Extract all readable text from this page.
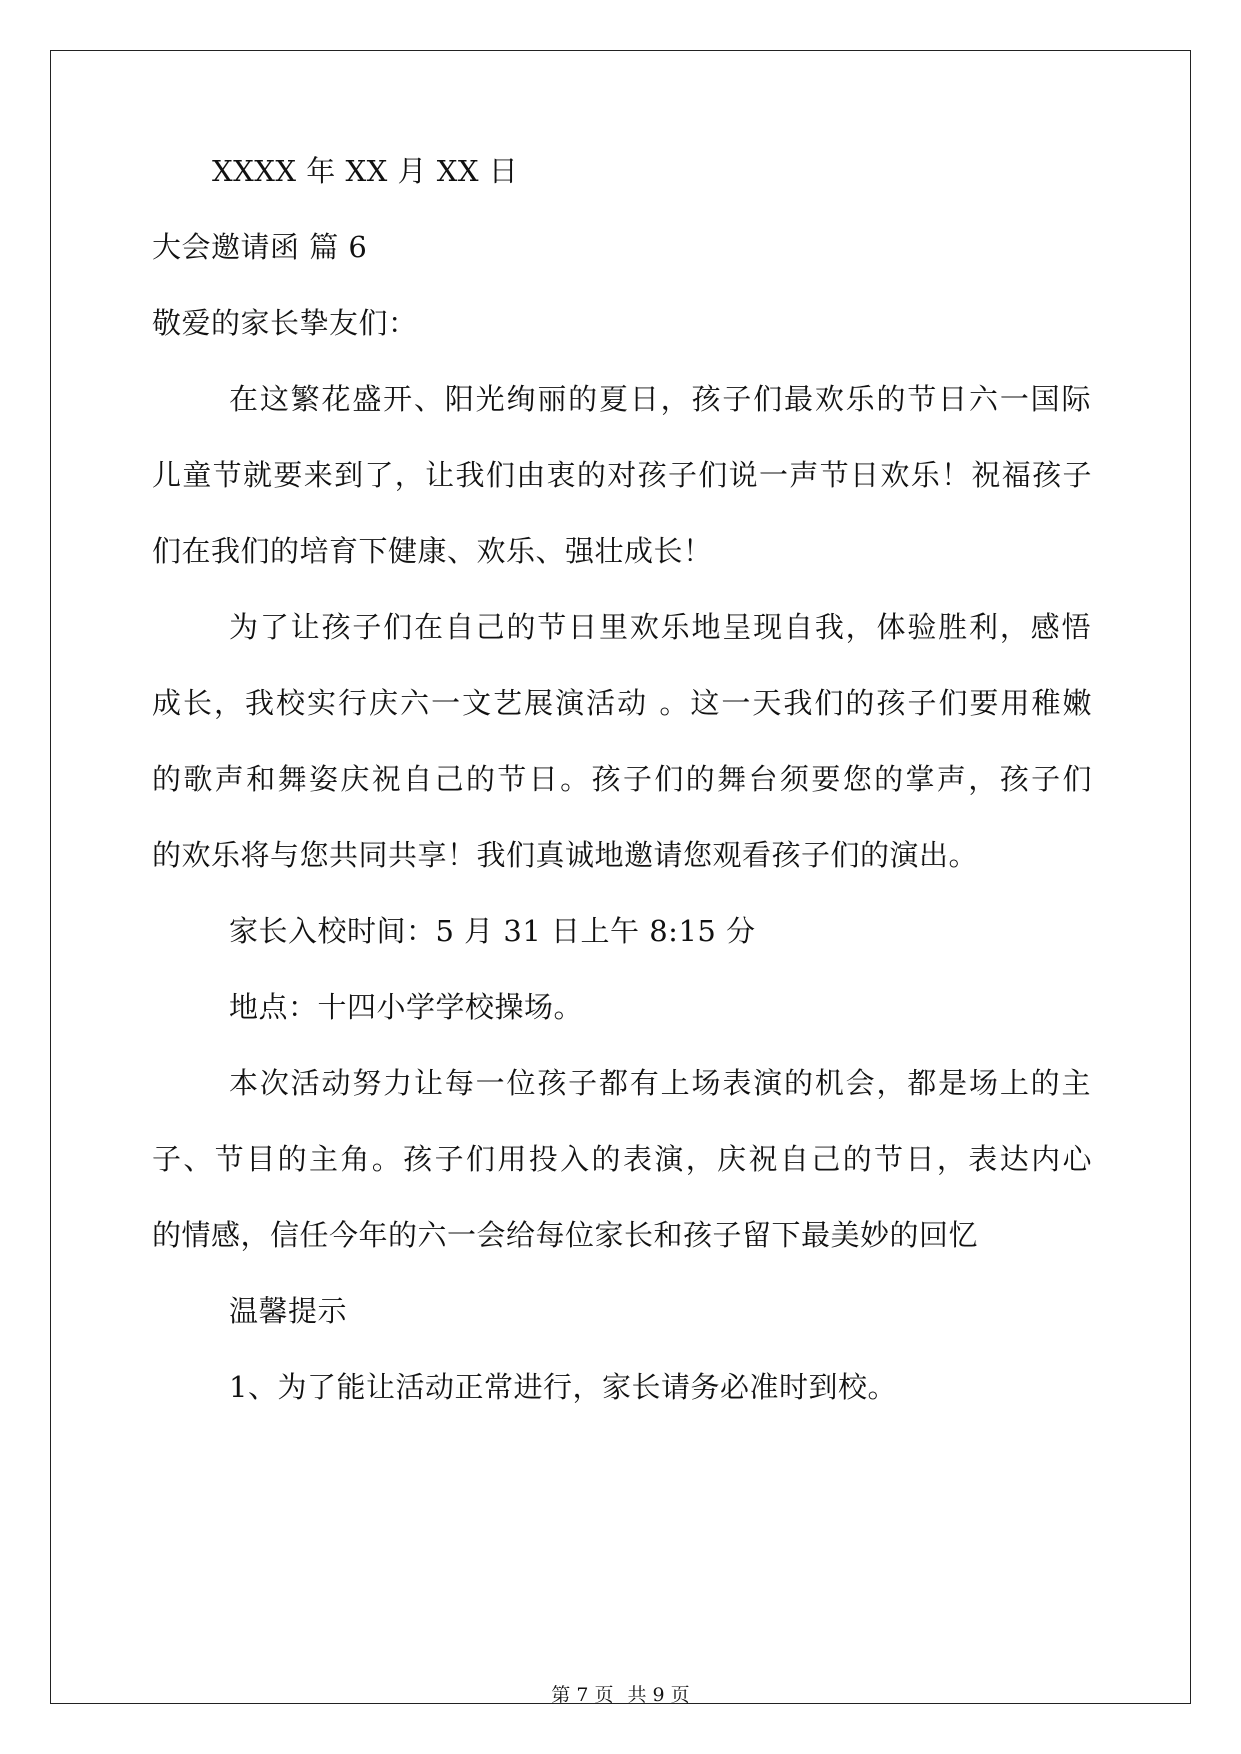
XXXX 年 XX 月 XX 日
大会邀请函 篇 6
敬爱的家长挚友们：
在这繁花盛开、阳光绚丽的夏日，孩子们最欢乐的节日六一国际
儿童节就要来到了，让我们由衷的对孩子们说一声节日欢乐！祝福孩子
们在我们的培育下健康、欢乐、强壮成长！
为了让孩子们在自己的节日里欢乐地呈现自我，体验胜利，感悟
成长，我校实行庆六一文艺展演活动 。这一天我们的孩子们要用稚嫩
的歌声和舞姿庆祝自己的节日。孩子们的舞台须要您的掌声，孩子们
的欢乐将与您共同共享！我们真诚地邀请您观看孩子们的演出。
家长入校时间：5 月 31 日上午 8:15 分
地点：十四小学学校操场。
本次活动努力让每一位孩子都有上场表演的机会，都是场上的主
子、节目的主角。孩子们用投入的表演，庆祝自己的节日，表达内心
的情感，信任今年的六一会给每位家长和孩子留下最美妙的回忆
温馨提示
1、为了能让活动正常进行，家长请务必准时到校。
第 7 页 共 9 页
